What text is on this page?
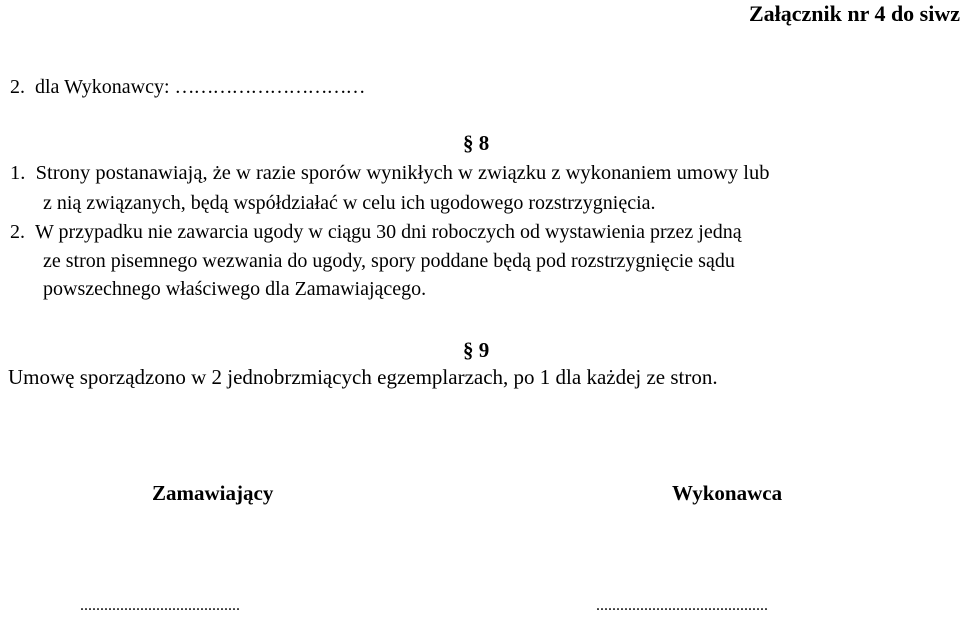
Załącznik nr 4 do siwz
2. dla Wykonawcy: …………………………
§ 8
1. Strony postanawiają, że w razie sporów wynikłych w związku z wykonaniem umowy lub
z nią związanych, będą współdziałać w celu ich ugodowego rozstrzygnięcia.
2. W przypadku nie zawarcia ugody w ciągu 30 dni roboczych od wystawienia przez jedną
ze stron pisemnego wezwania do ugody, spory poddane będą pod rozstrzygnięcie sądu
powszechnego właściwego dla Zamawiającego.
§ 9
Umowę sporządzono w 2 jednobrzmiących egzemplarzach, po 1 dla każdej ze stron.
Zamawiający	Wykonawca
........................................	...........................................
